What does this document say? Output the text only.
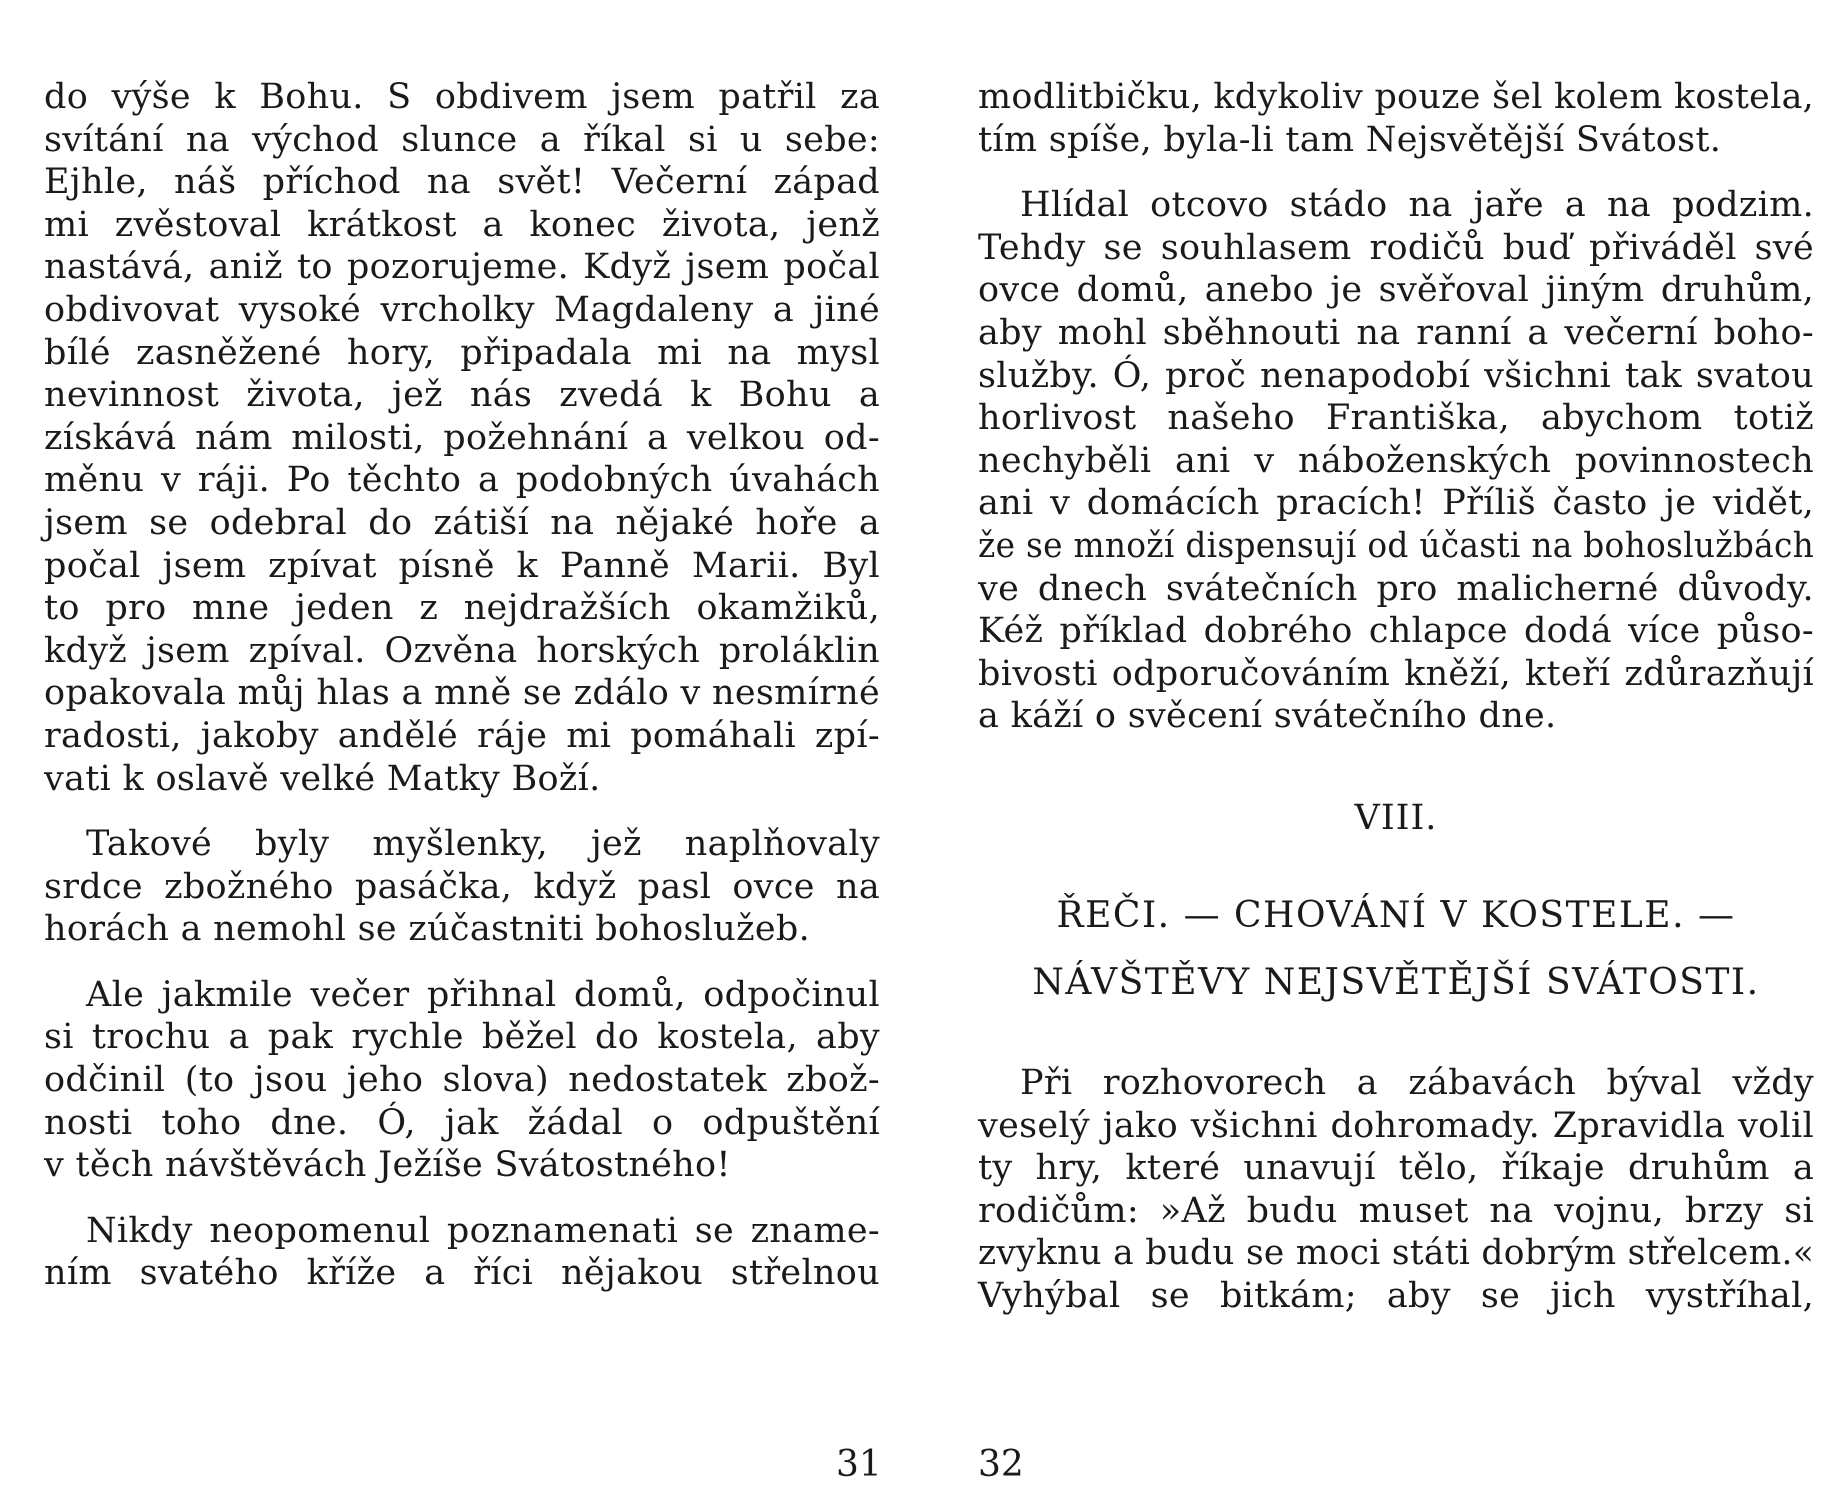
do výše k Bohu. S obdivem jsem patřil za
svítání na východ slunce a říkal si u sebe:
Ejhle, náš příchod na svět! Večerní západ
mi zvěstoval krátkost a konec života, jenž
nastává, aniž to pozorujeme. Když jsem počal
obdivovat vysoké vrcholky Magdaleny a jiné
bílé zasněžené hory, připadala mi na mysl
nevinnost života, jež nás zvedá k Bohu a
získává nám milosti, požehnání a velkou od-
měnu v ráji. Po těchto a podobných úvahách
jsem se odebral do zátiší na nějaké hoře a
počal jsem zpívat písně k Panně Marii. Byl
to pro mne jeden z nejdražších okamžiků,
když jsem zpíval. Ozvěna horských proláklin
opakovala můj hlas a mně se zdálo v nesmírné
radosti, jakoby andělé ráje mi pomáhali zpí-
vati k oslavě velké Matky Boží.

Takové byly myšlenky, jež naplňovaly
srdce zbožného pasáčka, když pasl ovce na
horách a nemohl se zúčastniti bohoslužeb.

Ale jakmile večer přihnal domů, odpočinul
si trochu a pak rychle běžel do kostela, aby
odčinil (to jsou jeho slova) nedostatek zbož-
nosti toho dne. Ó, jak žádal o odpuštění
v těch návštěvách Ježíše Svátostného!

Nikdy neopomenul poznamenati se zname-
ním svatého kříže a říci nějakou střelnou

modlitbičku, kdykoliv pouze šel kolem kostela,
tím spíše, byla-li tam Nejsvětější Svátost.

Hlídal otcovo stádo na jaře a na podzim.
Tehdy se souhlasem rodičů buď přiváděl své
ovce domů, anebo je svěřoval jiným druhům,
aby mohl sběhnouti na ranní a večerní boho-
služby. Ó, proč nenapodobí všichni tak svatou
horlivost našeho Františka, abychom totiž
nechyběli ani v náboženských povinnostech
ani v domácích pracích! Příliš často je vidět,
že se množí dispensují od účasti na bohoslužbách
ve dnech svátečních pro malicherné důvody.
Kéž příklad dobrého chlapce dodá více půso-
bivosti odporučováním kněží, kteří zdůrazňují
a káží o svěcení svátečního dne.

VIII.
ŘEČI. — CHOVÁNÍ V KOSTELE. —
NÁVŠTĚVY NEJSVĚTĚJŠÍ SVÁTOSTI.

Při rozhovorech a zábavách býval vždy
veselý jako všichni dohromady. Zpravidla volil
ty hry, které unavují tělo, říkaje druhům a
rodičům: »Až budu muset na vojnu, brzy si
zvyknu a budu se moci státi dobrým střelcem.«
Vyhýbal se bitkám; aby se jich vystříhal,

31	32
